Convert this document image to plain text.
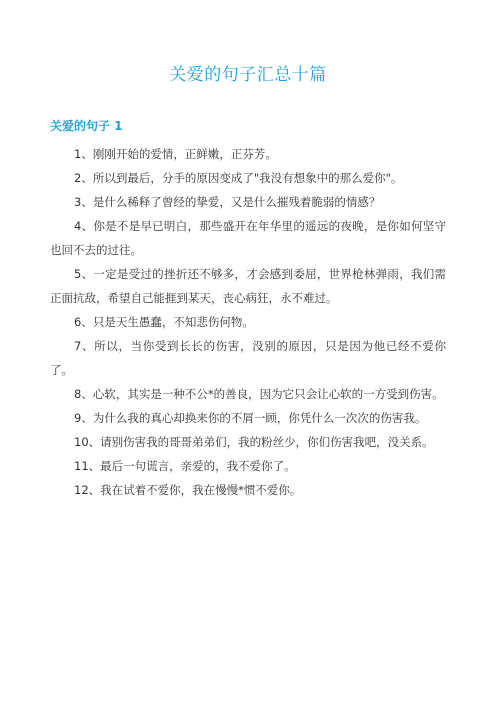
关爱的句子汇总十篇
关爱的句子 1

1、刚刚开始的爱情，正鲜嫩，正芬芳。

2、所以到最后，分手的原因变成了"我没有想象中的那么爱你"。

3、是什么稀释了曾经的挚爱，又是什么摧残着脆弱的情感？

4、你是不是早已明白，那些盛开在年华里的遥远的夜晚，是你如何坚守也回不去的过往。

5、一定是受过的挫折还不够多，才会感到委屈，世界枪林弹雨，我们需正面抗敌，希望自己能捱到某天，丧心病狂，永不难过。

6、只是天生愚蠢，不知悲伤何物。

7、所以，当你受到长长的伤害，没别的原因，只是因为他已经不爱你了。

8、心软，其实是一种不公*的善良，因为它只会让心软的一方受到伤害。

9、为什么我的真心却换来你的不屑一顾，你凭什么一次次的伤害我。

10、请别伤害我的哥哥弟弟们，我的粉丝少，你们伤害我吧，没关系。

11、最后一句谎言，亲爱的，我不爱你了。

12、我在试着不爱你，我在慢慢*惯不爱你。
